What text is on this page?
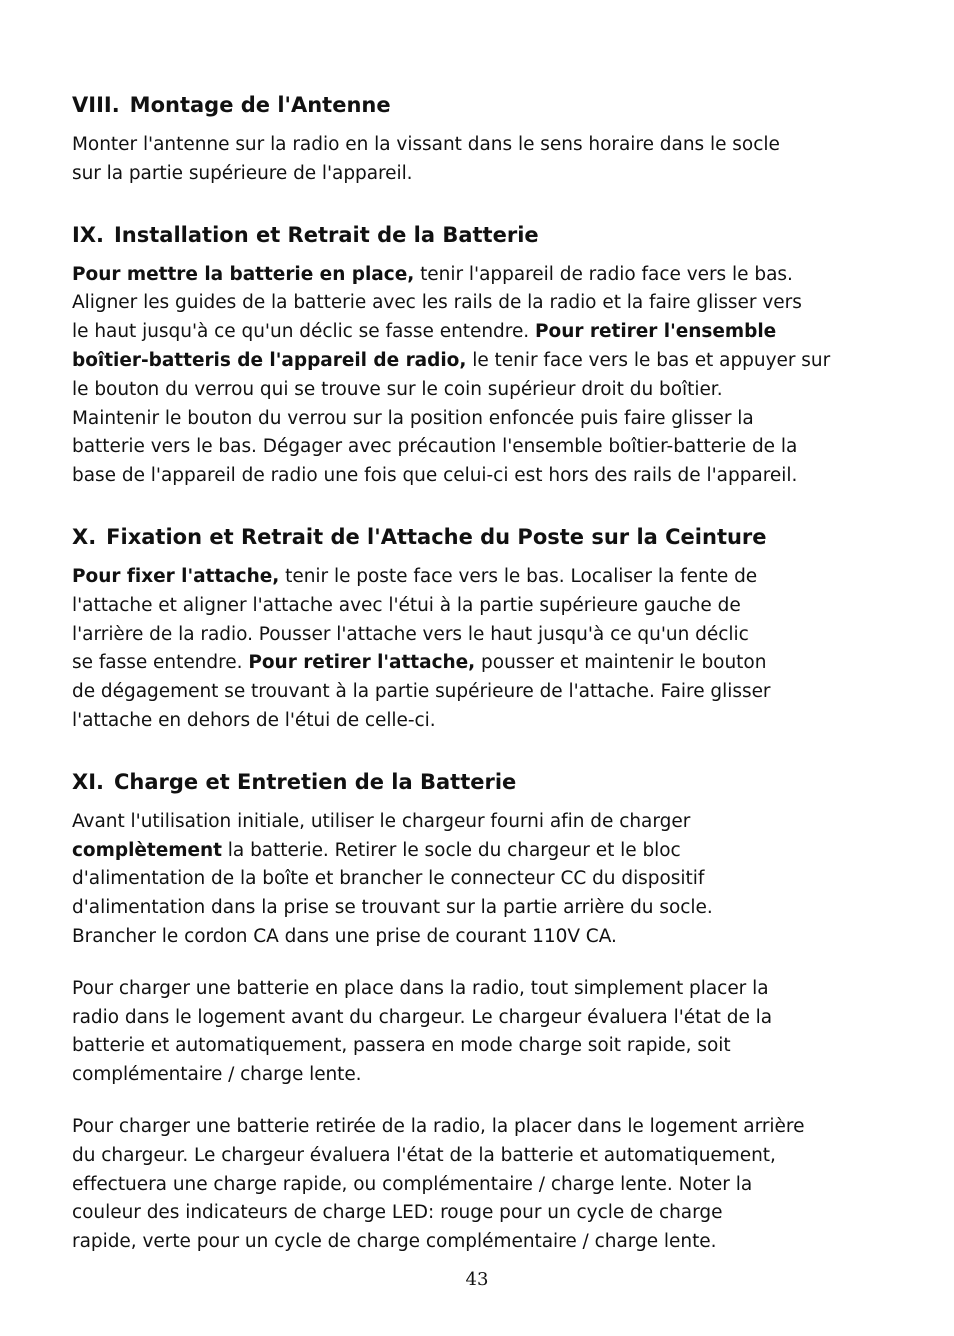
VIII. Montage de l'Antenne

Monter l'antenne sur la radio en la vissant dans le sens horaire dans le socle
sur la partie supérieure de l'appareil.

IX. Installation et Retrait de la Batterie

Pour mettre la batterie en place, tenir l'appareil de radio face vers le bas.
Aligner les guides de la batterie avec les rails de la radio et la faire glisser vers
le haut jusqu'à ce qu'un déclic se fasse entendre. Pour retirer l'ensemble
boîtier-batteris de l'appareil de radio, le tenir face vers le bas et appuyer sur
le bouton du verrou qui se trouve sur le coin supérieur droit du boîtier.
Maintenir le bouton du verrou sur la position enfoncée puis faire glisser la
batterie vers le bas. Dégager avec précaution l'ensemble boîtier-batterie de la
base de l'appareil de radio une fois que celui-ci est hors des rails de l'appareil.

X. Fixation et Retrait de l'Attache du Poste sur la Ceinture

Pour fixer l'attache, tenir le poste face vers le bas. Localiser la fente de
l'attache et aligner l'attache avec l'étui à la partie supérieure gauche de
l'arrière de la radio. Pousser l'attache vers le haut jusqu'à ce qu'un déclic
se fasse entendre. Pour retirer l'attache, pousser et maintenir le bouton
de dégagement se trouvant à la partie supérieure de l'attache. Faire glisser
l'attache en dehors de l'étui de celle-ci.

XI. Charge et Entretien de la Batterie

Avant l'utilisation initiale, utiliser le chargeur fourni afin de charger
complètement la batterie. Retirer le socle du chargeur et le bloc
d'alimentation de la boîte et brancher le connecteur CC du dispositif
d'alimentation dans la prise se trouvant sur la partie arrière du socle.
Brancher le cordon CA dans une prise de courant 110V CA.

Pour charger une batterie en place dans la radio, tout simplement placer la
radio dans le logement avant du chargeur. Le chargeur évaluera l'état de la
batterie et automatiquement, passera en mode charge soit rapide, soit
complémentaire / charge lente.

Pour charger une batterie retirée de la radio, la placer dans le logement arrière
du chargeur. Le chargeur évaluera l'état de la batterie et automatiquement,
effectuera une charge rapide, ou complémentaire / charge lente. Noter la
couleur des indicateurs de charge LED: rouge pour un cycle de charge
rapide, verte pour un cycle de charge complémentaire / charge lente.

43
